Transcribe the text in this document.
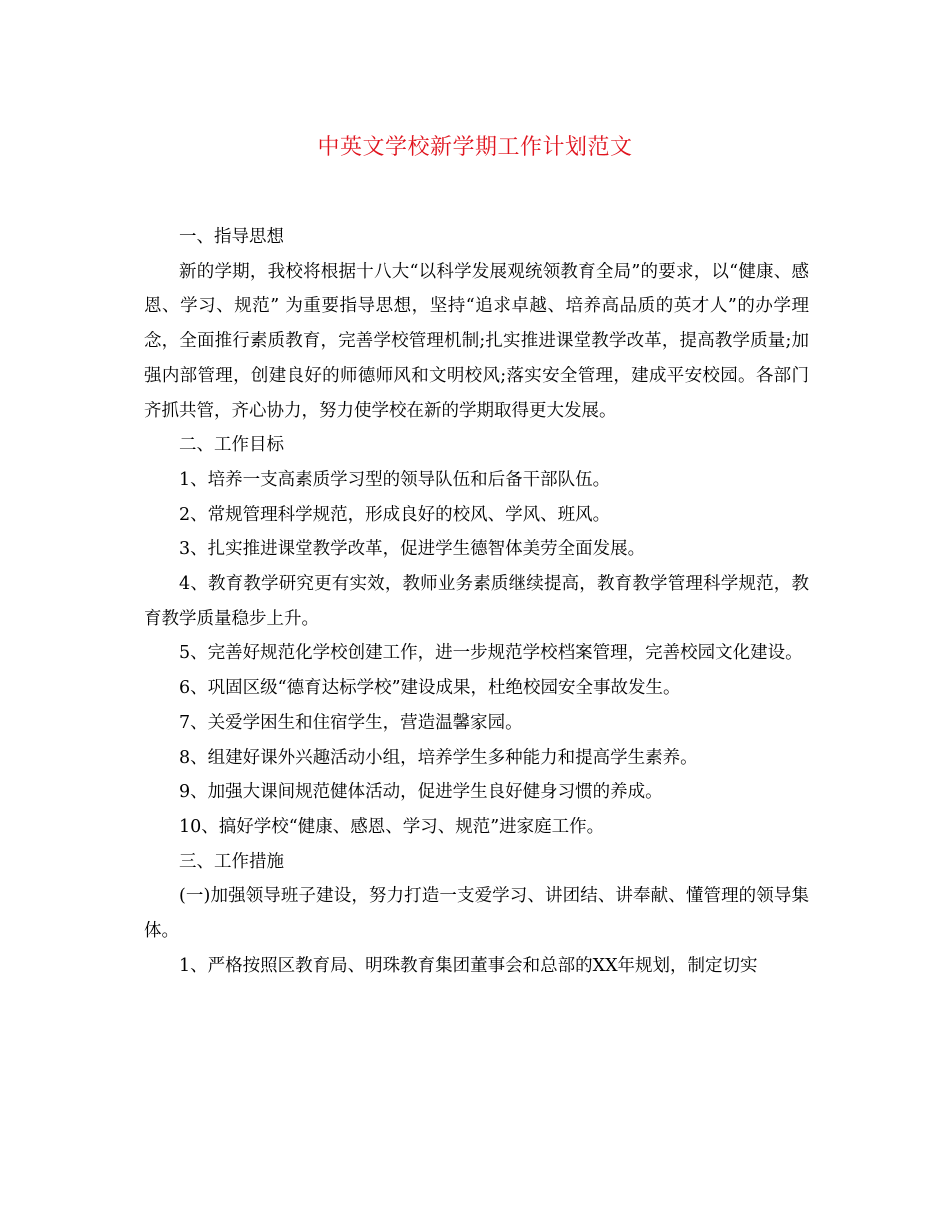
中英文学校新学期工作计划范文

一、指导思想

新的学期，我校将根据十八大“以科学发展观统领教育全局”的要求，以“健康、感恩、学习、规范” 为重要指导思想，坚持“追求卓越、培养高品质的英才人”的办学理念，全面推行素质教育，完善学校管理机制;扎实推进课堂教学改革，提高教学质量;加强内部管理，创建良好的师德师风和文明校风;落实安全管理，建成平安校园。各部门齐抓共管，齐心协力，努力使学校在新的学期取得更大发展。

二、工作目标

1、培养一支高素质学习型的领导队伍和后备干部队伍。

2、常规管理科学规范，形成良好的校风、学风、班风。

3、扎实推进课堂教学改革，促进学生德智体美劳全面发展。

4、教育教学研究更有实效，教师业务素质继续提高，教育教学管理科学规范，教育教学质量稳步上升。

5、完善好规范化学校创建工作，进一步规范学校档案管理，完善校园文化建设。

6、巩固区级“德育达标学校”建设成果，杜绝校园安全事故发生。

7、关爱学困生和住宿学生，营造温馨家园。

8、组建好课外兴趣活动小组，培养学生多种能力和提高学生素养。

9、加强大课间规范健体活动，促进学生良好健身习惯的养成。

10、搞好学校“健康、感恩、学习、规范”进家庭工作。

三、工作措施

(一)加强领导班子建设，努力打造一支爱学习、讲团结、讲奉献、懂管理的领导集体。

1、严格按照区教育局、明珠教育集团董事会和总部的XX年规划，制定切实
